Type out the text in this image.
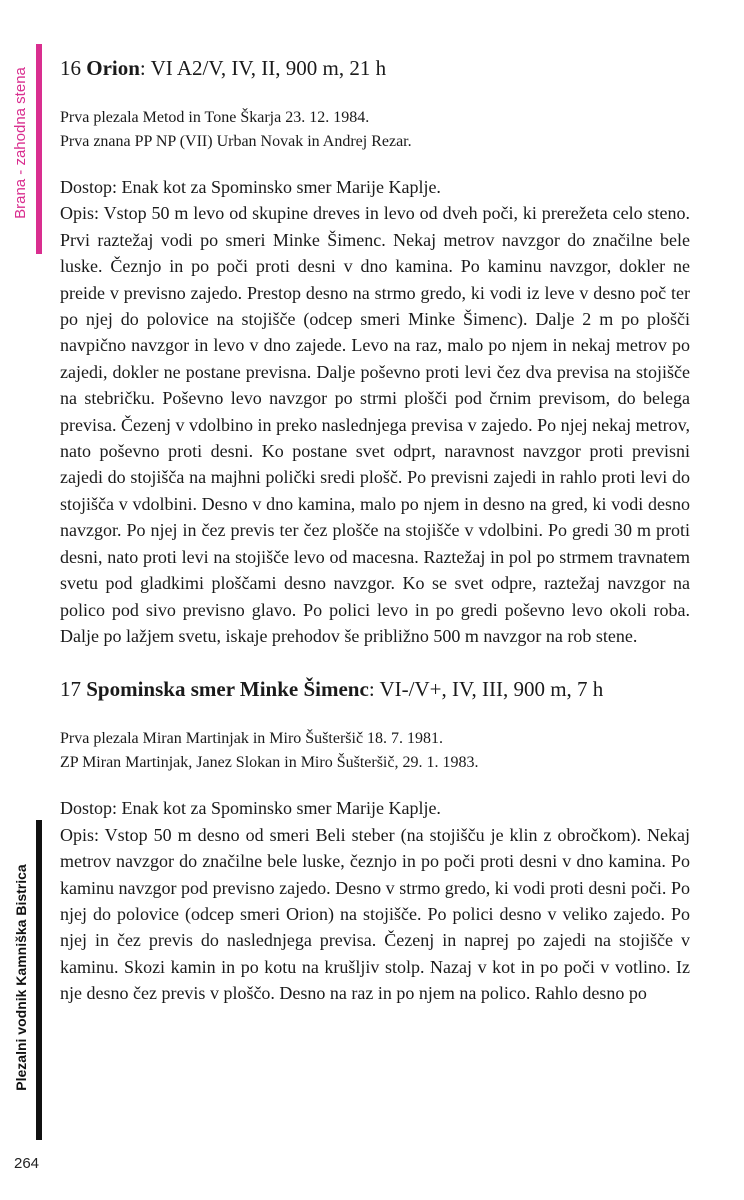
Brana - zahodna stena
Plezalni vodnik Kamniška Bistrica
264
16 Orion: VI A2/V, IV, II, 900 m, 21 h

Prva plezala Metod in Tone Škarja 23. 12. 1984.

Prva znana PP NP (VII) Urban Novak in Andrej Rezar.

Dostop: Enak kot za Spominsko smer Marije Kaplje.

Opis: Vstop 50 m levo od skupine dreves in levo od dveh poči, ki prerežeta celo steno. Prvi raztežaj vodi po smeri Minke Šimenc. Nekaj metrov navzgor do značilne bele luske. Čeznjo in po poči proti desni v dno kamina. Po kaminu navzgor, dokler ne preide v previsno zajedo. Prestop desno na strmo gredo, ki vodi iz leve v desno poč ter po njej do polovice na stojišče (odcep smeri Minke Šimenc). Dalje 2 m po plošči navpično navzgor in levo v dno zajede. Levo na raz, malo po njem in nekaj metrov po zajedi, dokler ne postane previsna. Dalje poševno proti levi čez dva previsa na stojišče na stebričku. Poševno levo navzgor po strmi plošči pod črnim previsom, do belega previsa. Čezenj v vdolbino in preko naslednjega previsa v zajedo. Po njej nekaj metrov, nato poševno proti desni. Ko postane svet odprt, naravnost navzgor proti previsni zajedi do stojišča na majhni polički sredi plošč. Po previsni zajedi in rahlo proti levi do stojišča v vdolbini. Desno v dno kamina, malo po njem in desno na gred, ki vodi desno navzgor. Po njej in čez previs ter čez plošče na stojišče v vdolbini. Po gredi 30 m proti desni, nato proti levi na stojišče levo od macesna. Raztežaj in pol po strmem travnatem svetu pod gladkimi ploščami desno navzgor. Ko se svet odpre, raztežaj navzgor na polico pod sivo previsno glavo. Po polici levo in po gredi poševno levo okoli roba. Dalje po lažjem svetu, iskaje prehodov še približno 500 m navzgor na rob stene.

17 Spominska smer Minke Šimenc: VI-/V+, IV, III, 900 m, 7 h

Prva plezala Miran Martinjak in Miro Šušteršič 18. 7. 1981.

ZP Miran Martinjak, Janez Slokan in Miro Šušteršič, 29. 1. 1983.

Dostop: Enak kot za Spominsko smer Marije Kaplje.

Opis: Vstop 50 m desno od smeri Beli steber (na stojišču je klin z obročkom). Nekaj metrov navzgor do značilne bele luske, čeznjo in po poči proti desni v dno kamina. Po kaminu navzgor pod previsno zajedo. Desno v strmo gredo, ki vodi proti desni poči. Po njej do polovice (odcep smeri Orion) na stojišče. Po polici desno v veliko zajedo. Po njej in čez previs do naslednjega previsa. Čezenj in naprej po zajedi na stojišče v kaminu. Skozi kamin in po kotu na krušljiv stolp. Nazaj v kot in po poči v votlino. Iz nje desno čez previs v ploščo. Desno na raz in po njem na polico. Rahlo desno po
